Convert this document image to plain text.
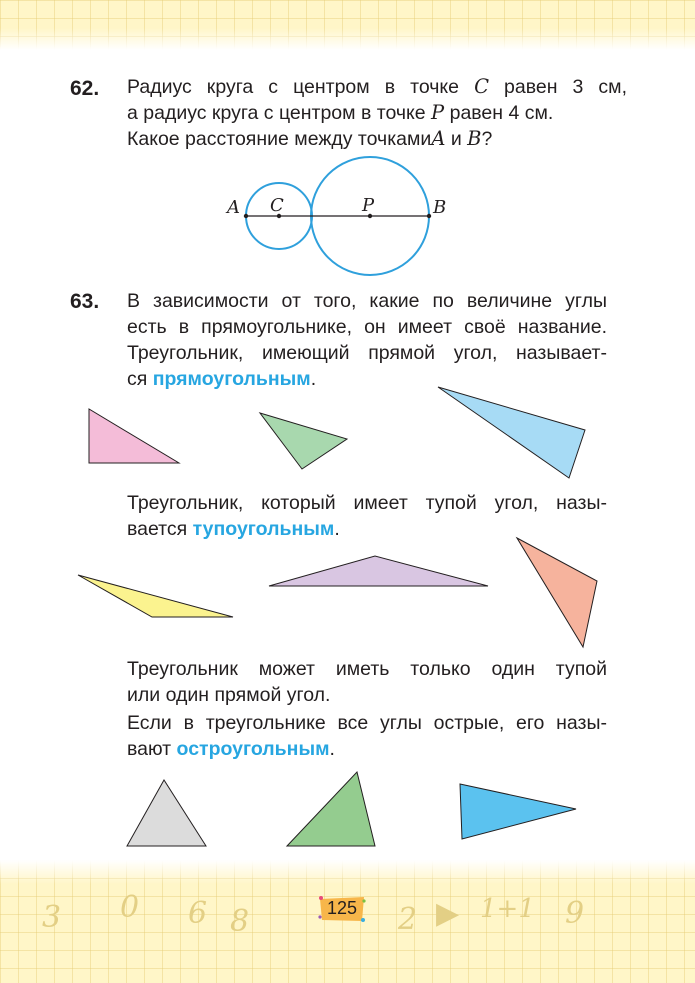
62. Радиус круга с центром в точке C равен 3 см,
а радиус круга с центром в точке P равен 4 см.
Какое расстояние между точкамиA и B?
A C	P	B
63. В зависимости от того, какие по величине углы
есть в прямоугольнике, он имеет своё название.
Треугольник, имеющий прямой угол, называет-
ся прямоугольным.
Треугольник, который имеет тупой угол, назы-
вается тупоугольным.
Треугольник может иметь только один тупой
или один прямой угол.
Если в треугольнике все углы острые, его назы-
вают остроугольным.
3 0 6 8	2 ▶ 1+1 9
125
